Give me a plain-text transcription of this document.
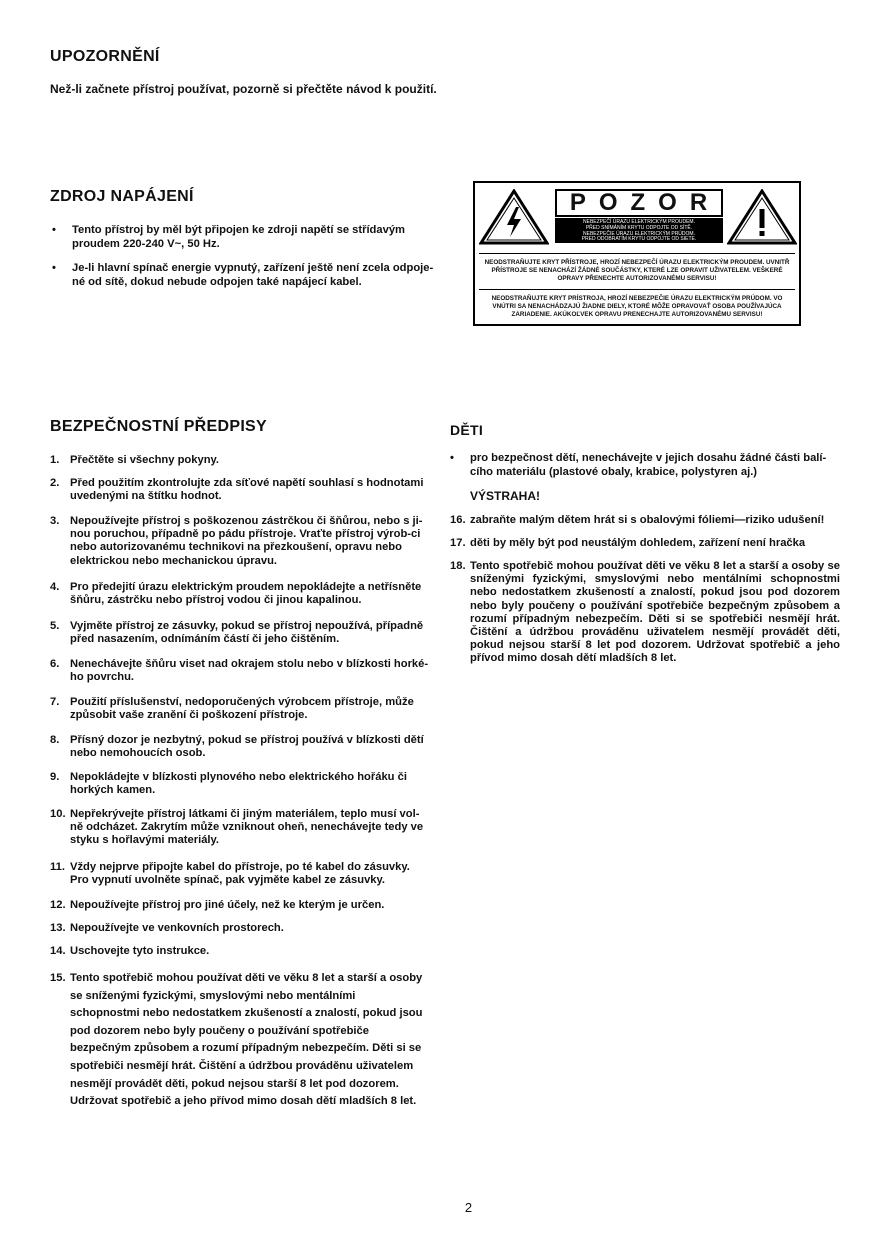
UPOZORNĚNÍ
Než-li začnete přístroj používat, pozorně si přečtěte návod k použití.
ZDROJ NAPÁJENÍ
• Tento přístroj by měl být připojen ke zdroji napětí se střídavým proudem 220-240 V~, 50 Hz.
• Je-li hlavní spínač energie vypnutý, zařízení ještě není zcela odpoje-né od sítě, dokud nebude odpojen také napájecí kabel.
POZOR
NEBEZPEČÍ ÚRAZU ELEKTRICKÝM PROUDEM.
PŘED SNÍMÁNÍM KRYTU ODPOJTE OD SÍTĚ.
NEBEZPEČIE ÚRAZU ELEKTRICKÝM PRÚDOM.
PRED ODOBRATÍM KRYTU ODPOJTE OD SIETE.
NEODSTRAŇUJTE KRYT PŘÍSTROJE, HROZÍ NEBEZPEČÍ ÚRAZU ELEKTRICKÝM PROUDEM. UVNITŘ PŘÍSTROJE SE NENACHÁZÍ ŽÁDNÉ SOUČÁSTKY, KTERÉ LZE OPRAVIT UŽIVATELEM. VEŠKERÉ OPRAVY PŘENECHTE AUTORIZOVANÉMU SERVISU!
NEODSTRAŇUJTE KRYT PRÍSTROJA, HROZÍ NEBEZPEČIE ÚRAZU ELEKTRICKÝM PRÚDOM. VO VNÚTRI SA NENACHÁDZAJÚ ŽIADNE DIELY, KTORÉ MÔŽE OPRAVOVAŤ OSOBA POUŽÍVAJÚCA ZARIADENIE. AKÚKOĽVEK OPRAVU PRENECHAJTE AUTORIZOVANÉMU SERVISU!
BEZPEČNOSTNÍ PŘEDPISY
1. Přečtěte si všechny pokyny.
2. Před použitím zkontrolujte zda síťové napětí souhlasí s hodnotami uvedenými na štítku hodnot.
3. Nepoužívejte přístroj s poškozenou zástrčkou či šňůrou, nebo s ji-nou poruchou, případně po pádu přístroje. Vraťte přístroj výrob-ci nebo autorizovanému technikovi na přezkoušení, opravu nebo elektrickou nebo mechanickou úpravu.
4. Pro předejití úrazu elektrickým proudem nepokládejte a netřísněte šňůru, zástrčku nebo přístroj vodou či jinou kapalinou.
5. Vyjměte přístroj ze zásuvky, pokud se přístroj nepoužívá, případně před nasazením, odnímáním částí či jeho čištěním.
6. Nenechávejte šňůru viset nad okrajem stolu nebo v blízkosti horké-ho povrchu.
7. Použití příslušenství, nedoporučených výrobcem přístroje, může způsobit vaše zranění či poškození přístroje.
8. Přísný dozor je nezbytný, pokud se přístroj používá v blízkosti dětí nebo nemohoucích osob.
9. Nepokládejte v blízkosti plynového nebo elektrického hořáku či horkých kamen.
10. Nepřekrývejte přístroj látkami či jiným materiálem, teplo musí vol-ně odcházet. Zakrytím může vzniknout oheň, nenechávejte tedy ve styku s hořlavými materiály.
11. Vždy nejprve připojte kabel do přístroje, po té kabel do zásuvky. Pro vypnutí uvolněte spínač, pak vyjměte kabel ze zásuvky.
12. Nepoužívejte přístroj pro jiné účely, než ke kterým je určen.
13. Nepoužívejte ve venkovních prostorech.
14. Uschovejte tyto instrukce.
15. Tento spotřebič mohou používat děti ve věku 8 let a starší a osoby se sníženými fyzickými, smyslovými nebo mentálními schopnostmi nebo nedostatkem zkušeností a znalostí, pokud jsou pod dozorem nebo byly poučeny o používání spotřebiče bezpečným způsobem a rozumí případným nebezpečím. Děti si se spotřebiči nesmějí hrát. Čištění a údržbou prováděnu uživatelem nesmějí provádět děti, pokud nejsou starší 8 let pod dozorem. Udržovat spotřebič a jeho přívod mimo dosah dětí mladších 8 let.
DĚTI
• pro bezpečnost dětí, nenechávejte v jejich dosahu žádné části balí-cího materiálu (plastové obaly, krabice, polystyren aj.)
VÝSTRAHA!
16. zabraňte malým dětem hrát si s obalovými fóliemi—riziko udušení!
17. děti by měly být pod neustálým dohledem, zařízení není hračka
18. Tento spotřebič mohou používat děti ve věku 8 let a starší a osoby se sníženými fyzickými, smyslovými nebo mentálními schopnostmi nebo nedostatkem zkušeností a znalostí, pokud jsou pod dozorem nebo byly poučeny o používání spotřebiče bezpečným způsobem a rozumí případným nebezpečím. Děti si se spotřebiči nesmějí hrát. Čištění a údržbou prováděnu uživatelem nesmějí provádět děti, pokud nejsou starší 8 let pod dozorem. Udržovat spotřebič a jeho přívod mimo dosah dětí mladších 8 let.
2
